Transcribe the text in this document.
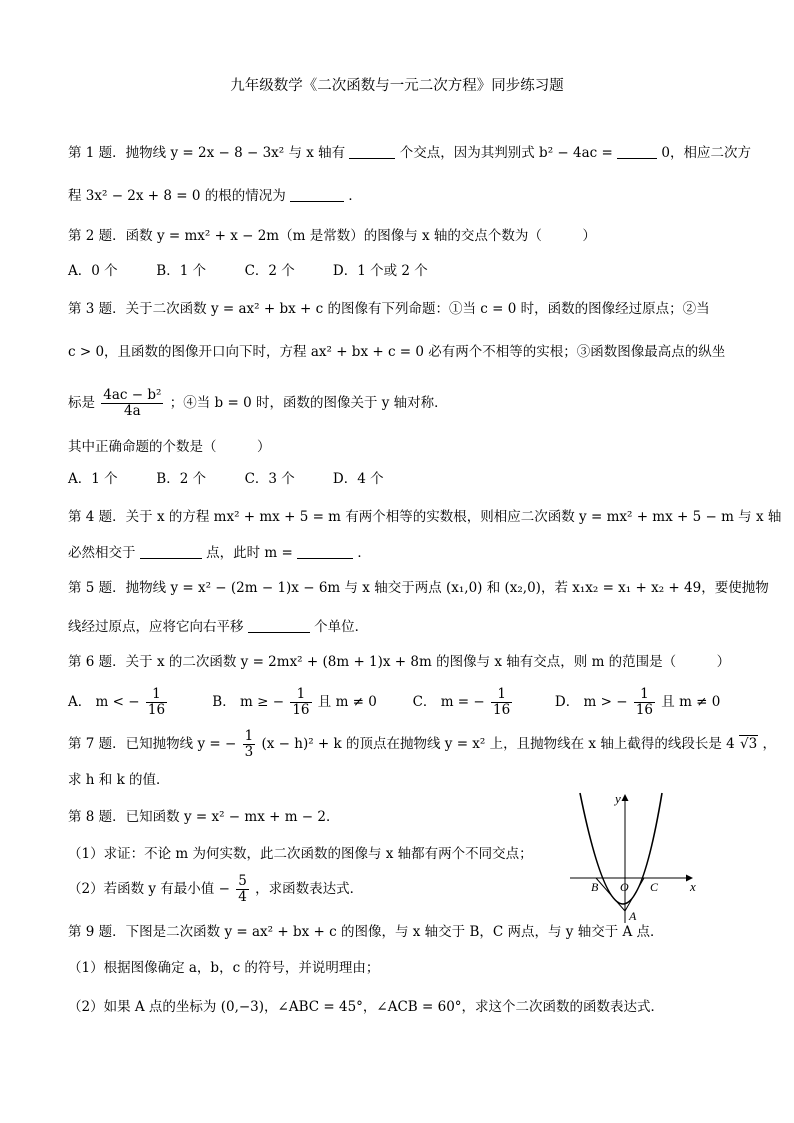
九年级数学《二次函数与一元二次方程》同步练习题
第 1 题．抛物线 y = 2x − 8 − 3x² 与 x 轴有	个交点，因为其判别式 b² − 4ac =	0，相应二次方
程 3x² − 2x + 8 = 0 的根的情况为	．
第 2 题．函数 y = mx² + x − 2m（m 是常数）的图像与 x 轴的交点个数为（　　　）
A．0 个	B．1 个	C．2 个	D．1 个或 2 个
第 3 题．关于二次函数 y = ax² + bx + c 的图像有下列命题：①当 c = 0 时，函数的图像经过原点；②当
c > 0，且函数的图像开口向下时，方程 ax² + bx + c = 0 必有两个不相等的实根；③函数图像最高点的纵坐
标是 $\frac{\text{4ac − b²}}{4a}$ ；④当 b = 0 时，函数的图像关于 y 轴对称．
其中正确命题的个数是（　　　）
A．1 个	B．2 个	C．3 个	D．4 个
第 4 题．关于 x 的方程 mx² + mx + 5 = m 有两个相等的实数根，则相应二次函数 y = mx² + mx + 5 − m 与 x 轴
必然相交于	点，此时 m =	．
第 5 题．抛物线 y = x² − (2m − 1)x − 6m 与 x 轴交于两点 (x₁,0) 和 (x₂,0)，若 x₁x₂ = x₁ + x₂ + 49，要使抛物
线经过原点，应将它向右平移	个单位．
第 6 题．关于 x 的二次函数 y = 2mx² + (8m + 1)x + 8m 的图像与 x 轴有交点，则 m 的范围是（　　　）
A． m < − $\frac{1}{16}$	B． m ≥ − $\frac{1}{16}$ 且 m ≠ 0	C． m = − $\frac{1}{16}$	D． m > − $\frac{1}{16}$ 且 m ≠ 0
第 7 题．已知抛物线 y = − $\frac{1}{3} (x - h)^2 + k$ 的顶点在抛物线 y = x² 上，且抛物线在 x 轴上截得的线段长是 4 √3 ，
求 h 和 k 的值．
第 8 题．已知函数 y = x² − mx + m − 2．
（1）求证：不论 m 为何实数，此二次函数的图像与 x 轴都有两个不同交点；
（2）若函数 y 有最小值 − $\frac{5}{4}$ ，求函数表达式．
第 9 题．下图是二次函数 y = ax² + bx + c 的图像，与 x 轴交于 B，C 两点，与 y 轴交于 A 点．
（1）根据图像确定 a，b，c 的符号，并说明理由；
（2）如果 A 点的坐标为 (0,−3)，∠ABC = 45°，∠ACB = 60°，求这个二次函数的函数表达式．
y
x
B O C
A
